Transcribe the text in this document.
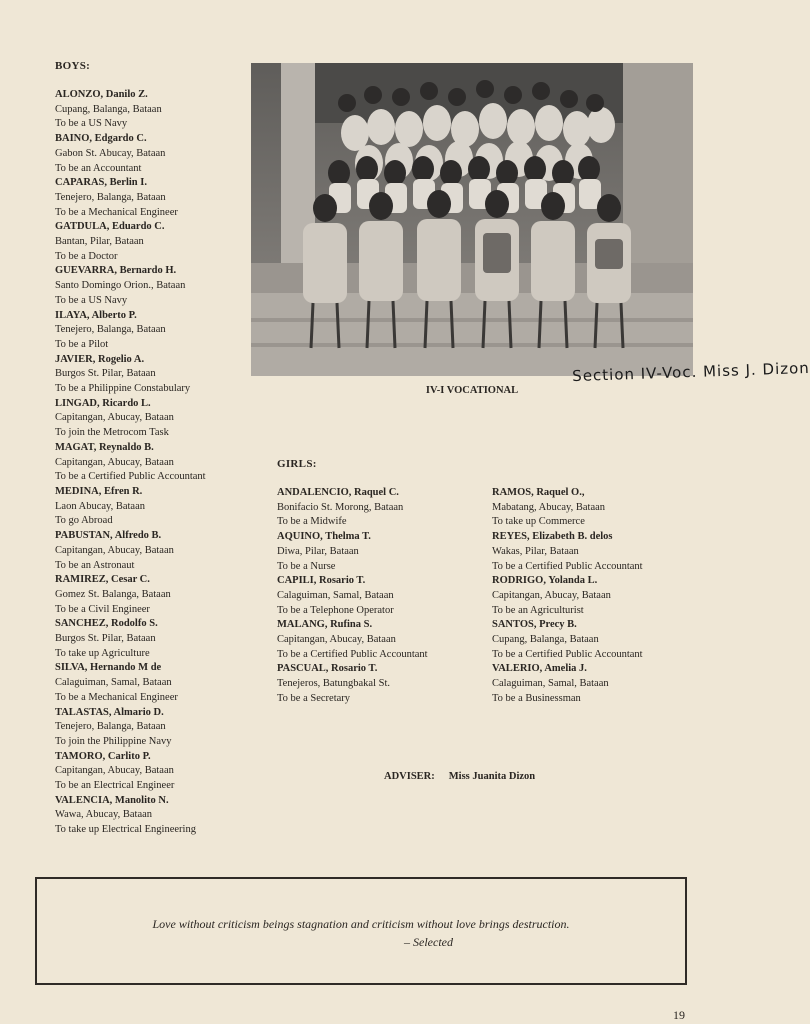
BOYS:
ALONZO, Danilo Z.
Cupang, Balanga, Bataan
To be a US Navy
BAINO, Edgardo C.
Gabon St. Abucay, Bataan
To be an Accountant
CAPARAS, Berlin I.
Tenejero, Balanga, Bataan
To be a Mechanical Engineer
GATDULA, Eduardo C.
Bantan, Pilar, Bataan
To be a Doctor
GUEVARRA, Bernardo H.
Santo Domingo Orion., Bataan
To be a US Navy
ILAYA, Alberto P.
Tenejero, Balanga, Bataan
To be a Pilot
JAVIER, Rogelio A.
Burgos St. Pilar, Bataan
To be a Philippine Constabulary
LINGAD, Ricardo L.
Capitangan, Abucay, Bataan
To join the Metrocom Task
MAGAT, Reynaldo B.
Capitangan, Abucay, Bataan
To be a Certified Public Accountant
MEDINA, Efren R.
Laon Abucay, Bataan
To go Abroad
PABUSTAN, Alfredo B.
Capitangan, Abucay, Bataan
To be an Astronaut
RAMIREZ, Cesar C.
Gomez St. Balanga, Bataan
To be a Civil Engineer
SANCHEZ, Rodolfo S.
Burgos St. Pilar, Bataan
To take up Agriculture
SILVA, Hernando M de
Calaguiman, Samal, Bataan
To be a Mechanical Engineer
TALASTAS, Almario D.
Tenejero, Balanga, Bataan
To join the Philippine Navy
TAMORO, Carlito P.
Capitangan, Abucay, Bataan
To be an Electrical Engineer
VALENCIA, Manolito N.
Wawa, Abucay, Bataan
To take up Electrical Engineering
Section IV-Voc. Miss J. Dizon
IV-I VOCATIONAL
GIRLS:
ANDALENCIO, Raquel C.
Bonifacio St. Morong, Bataan
To be a Midwife
AQUINO, Thelma T.
Diwa, Pilar, Bataan
To be a Nurse
CAPILI, Rosario T.
Calaguiman, Samal, Bataan
To be a Telephone Operator
MALANG, Rufina S.
Capitangan, Abucay, Bataan
To be a Certified Public Accountant
PASCUAL, Rosario T.
Tenejeros, Batungbakal St.
To be a Secretary
RAMOS, Raquel O.,
Mabatang, Abucay, Bataan
To take up Commerce
REYES, Elizabeth B. delos
Wakas, Pilar, Bataan
To be a Certified Public Accountant
RODRIGO, Yolanda L.
Capitangan, Abucay, Bataan
To be an Agriculturist
SANTOS, Precy B.
Cupang, Balanga, Bataan
To be a Certified Public Accountant
VALERIO, Amelia J.
Calaguiman, Samal, Bataan
To be a Businessman
ADVISER: Miss Juanita Dizon
Love without criticism beings stagnation and criticism without love brings destruction.
– Selected
19
